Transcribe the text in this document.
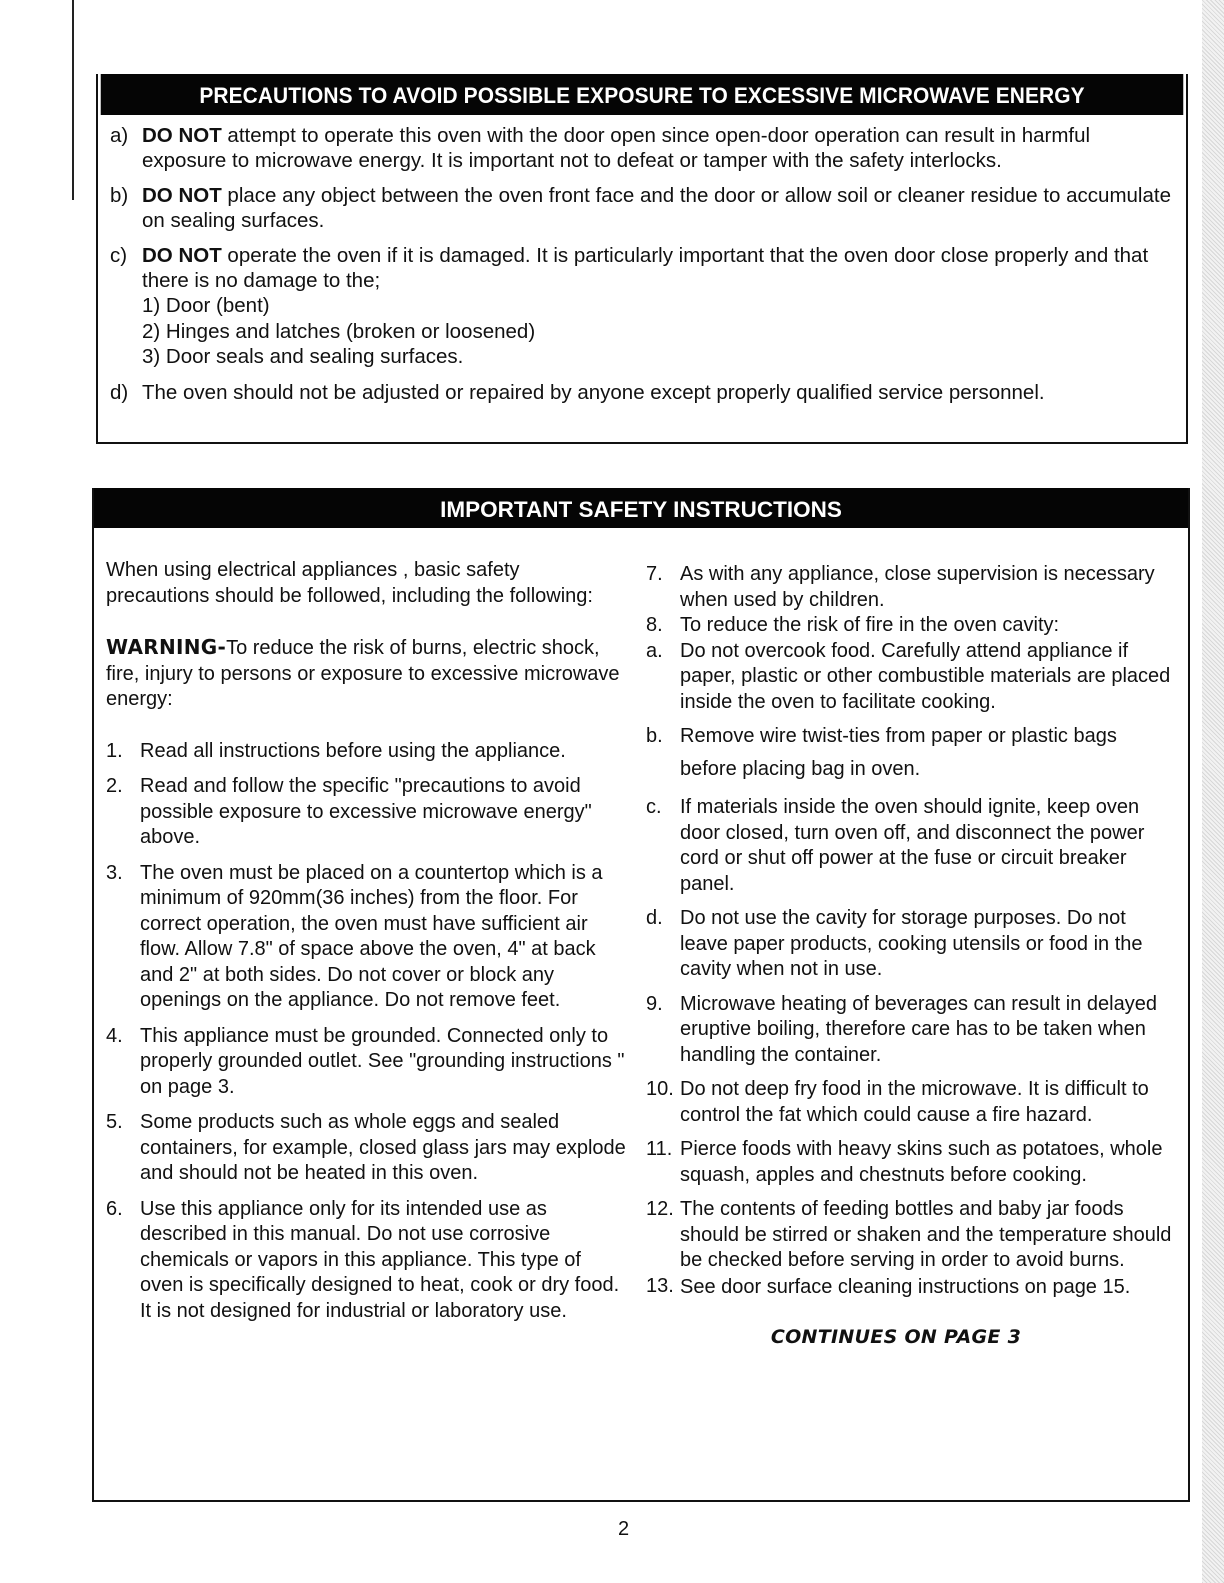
PRECAUTIONS TO AVOID POSSIBLE EXPOSURE TO EXCESSIVE MICROWAVE ENERGY
a) DO NOT attempt to operate this oven with the door open since open-door operation can result in harmful exposure to microwave energy. It is important not to defeat or tamper with the safety interlocks.
b) DO NOT place any object between the oven front face and the door or allow soil or cleaner residue to accumulate on sealing surfaces.
c) DO NOT operate the oven if it is damaged. It is particularly important that the oven door close properly and that there is no damage to the;
1) Door (bent)
2) Hinges and latches (broken or loosened)
3) Door seals and sealing surfaces.
d) The oven should not be adjusted or repaired by anyone except properly qualified service personnel.
IMPORTANT SAFETY INSTRUCTIONS

When using electrical appliances , basic safety precautions should be followed, including the following:

WARNING-To reduce the risk of burns, electric shock, fire, injury to persons or exposure to excessive microwave energy:

1. Read all instructions before using the appliance.
2. Read and follow the specific "precautions to avoid possible exposure to excessive microwave energy" above.
3. The oven must be placed on a countertop which is a minimum of 920mm(36 inches) from the floor. For correct operation, the oven must have sufficient air flow. Allow 7.8" of space above the oven, 4" at back and 2" at both sides. Do not cover or block any openings on the appliance. Do not remove feet.
4. This appliance must be grounded. Connected only to properly grounded outlet. See "grounding instructions " on page 3.
5. Some products such as whole eggs and sealed containers, for example, closed glass jars may explode and should not be heated in this oven.
6. Use this appliance only for its intended use as described in this manual. Do not use corrosive chemicals or vapors in this appliance. This type of oven is specifically designed to heat, cook or dry food. It is not designed for industrial or laboratory use.
7. As with any appliance, close supervision is necessary when used by children.
8. To reduce the risk of fire in the oven cavity:
a. Do not overcook food. Carefully attend appliance if paper, plastic or other combustible materials are placed inside the oven to facilitate cooking.
b. Remove wire twist-ties from paper or plastic bags before placing bag in oven.
c. If materials inside the oven should ignite, keep oven door closed, turn oven off, and disconnect the power cord or shut off power at the fuse or circuit breaker panel.
d. Do not use the cavity for storage purposes. Do not leave paper products, cooking utensils or food in the cavity when not in use.
9. Microwave heating of beverages can result in delayed eruptive boiling, therefore care has to be taken when handling the container.
10. Do not deep fry food in the microwave. It is difficult to control the fat which could cause a fire hazard.
11. Pierce foods with heavy skins such as potatoes, whole squash, apples and chestnuts before cooking.
12. The contents of feeding bottles and baby jar foods should be stirred or shaken and the temperature should be checked before serving in order to avoid burns.
13. See door surface cleaning instructions on page 15.
CONTINUES ON PAGE 3
2
